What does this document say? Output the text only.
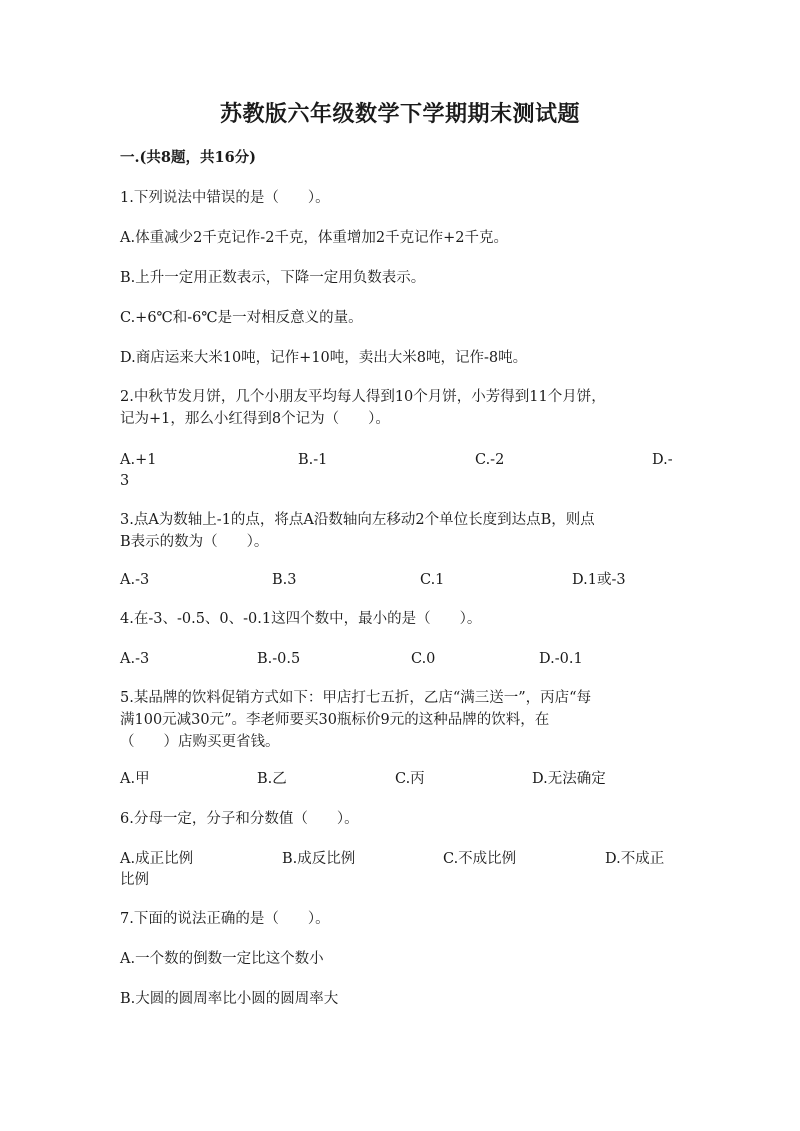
苏教版六年级数学下学期期末测试题
一.(共8题，共16分)
1.下列说法中错误的是（　　）。
A.体重减少2千克记作-2千克，体重增加2千克记作+2千克。
B.上升一定用正数表示，下降一定用负数表示。
C.+6℃和-6℃是一对相反意义的量。
D.商店运来大米10吨，记作+10吨，卖出大米8吨，记作-8吨。
2.中秋节发月饼，几个小朋友平均每人得到10个月饼，小芳得到11个月饼，
记为+1，那么小红得到8个记为（　　）。
A.+1	B.-1	C.-2	D.-
3
3.点A为数轴上-1的点，将点A沿数轴向左移动2个单位长度到达点B，则点
B表示的数为（　　）。
A.-3	B.3	C.1	D.1或-3
4.在-3、-0.5、0、-0.1这四个数中，最小的是（　　）。
A.-3	B.-0.5	C.0	D.-0.1
5.某品牌的饮料促销方式如下：甲店打七五折，乙店“满三送一”，丙店“每
满100元减30元”。李老师要买30瓶标价9元的这种品牌的饮料，在
（　　）店购买更省钱。
A.甲	B.乙	C.丙	D.无法确定
6.分母一定，分子和分数值（　　）。
A.成正比例	B.成反比例	C.不成比例	D.不成正
比例
7.下面的说法正确的是（　　）。
A.一个数的倒数一定比这个数小
B.大圆的圆周率比小圆的圆周率大
